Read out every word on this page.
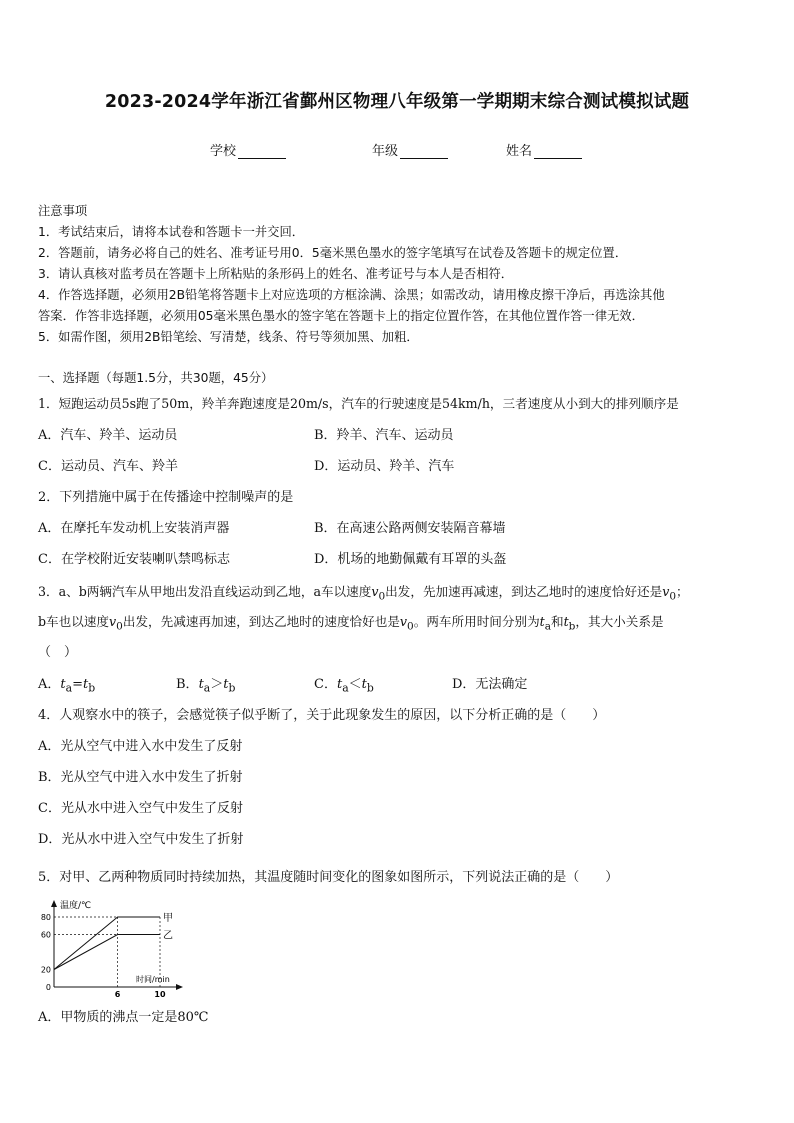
2023-2024学年浙江省鄞州区物理八年级第一学期期末综合测试模拟试题
学校	年级	姓名
注意事项
1．考试结束后，请将本试卷和答题卡一并交回．
2．答题前，请务必将自己的姓名、准考证号用0．5毫米黑色墨水的签字笔填写在试卷及答题卡的规定位置．
3．请认真核对监考员在答题卡上所粘贴的条形码上的姓名、准考证号与本人是否相符．
4．作答选择题，必须用2B铅笔将答题卡上对应选项的方框涂满、涂黑；如需改动，请用橡皮擦干净后，再选涂其他
答案．作答非选择题，必须用05毫米黑色墨水的签字笔在答题卡上的指定位置作答，在其他位置作答一律无效．
5．如需作图，须用2B铅笔绘、写清楚，线条、符号等须加黑、加粗．
一、选择题（每题1.5分，共30题，45分）
1．短跑运动员5s跑了50m，羚羊奔跑速度是20m/s，汽车的行驶速度是54km/h，三者速度从小到大的排列顺序是
A．汽车、羚羊、运动员	B．羚羊、汽车、运动员
C．运动员、汽车、羚羊	D．运动员、羚羊、汽车
2．下列措施中属于在传播途中控制噪声的是
A．在摩托车发动机上安装消声器	B．在高速公路两侧安装隔音幕墙
C．在学校附近安装喇叭禁鸣标志	D．机场的地勤佩戴有耳罩的头盔
3．a、b两辆汽车从甲地出发沿直线运动到乙地，a车以速度$v_0$出发，先加速再减速，到达乙地时的速度恰好还是$v_0$；
b车也以速度$v_0$出发，先减速再加速，到达乙地时的速度恰好也是$v_0$。两车所用时间分别为$t_a$和$t_b$，其大小关系是
（　）
A．$t_a=t_b$	B．$t_a>t_b$	C．$t_a<t_b$	D．无法确定
4．人观察水中的筷子，会感觉筷子似乎断了，关于此现象发生的原因，以下分析正确的是（　　）
A．光从空气中进入水中发生了反射
B．光从空气中进入水中发生了折射
C．光从水中进入空气中发生了反射
D．光从水中进入空气中发生了折射
5．对甲、乙两种物质同时持续加热，其温度随时间变化的图象如图所示，下列说法正确的是（　　）
温度/℃
时间/min
0
20
60
80
6	10
甲
乙
A．甲物质的沸点一定是80℃
